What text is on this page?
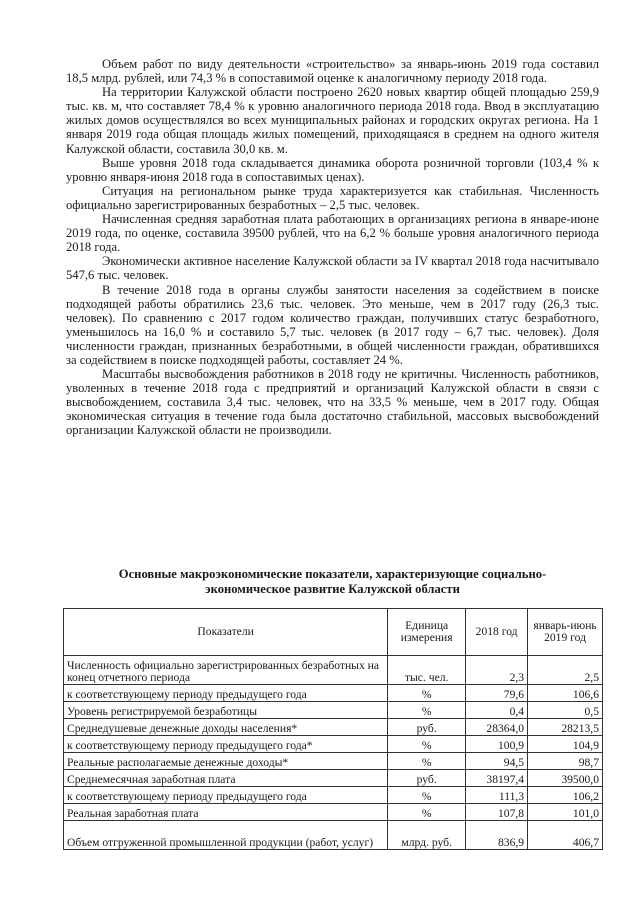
Объем работ по виду деятельности «строительство» за январь-июнь 2019 года составил 18,5 млрд. рублей, или 74,3 % в сопоставимой оценке к аналогичному периоду 2018 года.

На территории Калужской области построено 2620 новых квартир общей площадью 259,9 тыс. кв. м, что составляет 78,4 % к уровню аналогичного периода 2018 года. Ввод в эксплуатацию жилых домов осуществлялся во всех муниципальных районах и городских округах региона. На 1 января 2019 года общая площадь жилых помещений, приходящаяся в среднем на одного жителя Калужской области, составила 30,0 кв. м.

Выше уровня 2018 года складывается динамика оборота розничной торговли (103,4 % к уровню января-июня 2018 года в сопоставимых ценах).

Ситуация на региональном рынке труда характеризуется как стабильная. Численность официально зарегистрированных безработных – 2,5 тыс. человек.

Начисленная средняя заработная плата работающих в организациях региона в январе-июне 2019 года, по оценке, составила 39500 рублей, что на 6,2 % больше уровня аналогичного периода 2018 года.

Экономически активное население Калужской области за IV квартал 2018 года насчитывало 547,6 тыс. человек.

В течение 2018 года в органы службы занятости населения за содействием в поиске подходящей работы обратились 23,6 тыс. человек. Это меньше, чем в 2017 году (26,3 тыс. человек). По сравнению с 2017 годом количество граждан, получивших статус безработного, уменьшилось на 16,0 % и составило 5,7 тыс. человек (в 2017 году – 6,7 тыс. человек). Доля численности граждан, признанных безработными, в общей численности граждан, обратившихся за содействием в поиске подходящей работы, составляет 24 %.

Масштабы высвобождения работников в 2018 году не критичны. Численность работников, уволенных в течение 2018 года с предприятий и организаций Калужской области в связи с высвобождением, составила 3,4 тыс. человек, что на 33,5 % меньше, чем в 2017 году. Общая экономическая ситуация в течение года была достаточно стабильной, массовых высвобождений организации Калужской области не производили.

Основные макроэкономические показатели, характеризующие социально-
экономическое развитие Калужской области
Показатели	Единица измерения	2018 год	январь-июнь 2019 год
Численность официально зарегистрированных безработных на конец отчетного периода	тыс. чел.	2,3	2,5
к соответствующему периоду предыдущего года	%	79,6	106,6
Уровень регистрируемой безработицы	%	0,4	0,5
Среднедушевые денежные доходы населения*	руб.	28364,0	28213,5
к соответствующему периоду предыдущего года*	%	100,9	104,9
Реальные располагаемые денежные доходы*	%	94,5	98,7
Среднемесячная заработная плата	руб.	38197,4	39500,0
к соответствующему периоду предыдущего года	%	111,3	106,2
Реальная заработная плата	%	107,8	101,0
Объем отгруженной промышленной продукции (работ, услуг)	млрд. руб.	836,9	406,7
